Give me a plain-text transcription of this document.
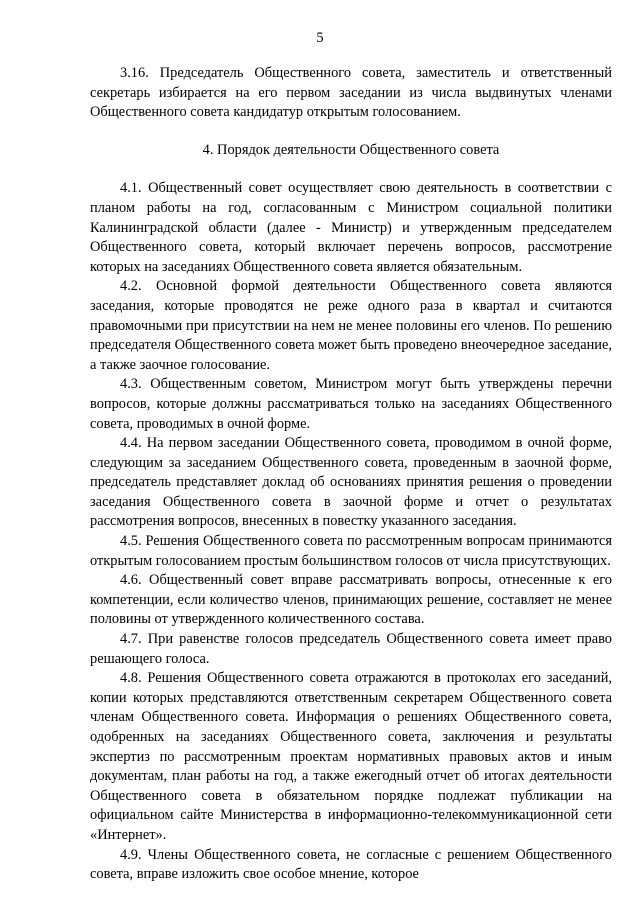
5

3.16. Председатель Общественного совета, заместитель и ответственный секретарь избирается на его первом заседании из числа выдвинутых членами Общественного совета кандидатур открытым голосованием.

4. Порядок деятельности Общественного совета

4.1. Общественный совет осуществляет свою деятельность в соответствии с планом работы на год, согласованным с Министром социальной политики Калининградской области (далее - Министр) и утвержденным председателем Общественного совета, который включает перечень вопросов, рассмотрение которых на заседаниях Общественного совета является обязательным.

4.2. Основной формой деятельности Общественного совета являются заседания, которые проводятся не реже одного раза в квартал и считаются правомочными при присутствии на нем не менее половины его членов. По решению председателя Общественного совета может быть проведено внеочередное заседание, а также заочное голосование.

4.3. Общественным советом, Министром могут быть утверждены перечни вопросов, которые должны рассматриваться только на заседаниях Общественного совета, проводимых в очной форме.

4.4. На первом заседании Общественного совета, проводимом в очной форме, следующим за заседанием Общественного совета, проведенным в заочной форме, председатель представляет доклад об основаниях принятия решения о проведении заседания Общественного совета в заочной форме и отчет о результатах рассмотрения вопросов, внесенных в повестку указанного заседания.

4.5. Решения Общественного совета по рассмотренным вопросам принимаются открытым голосованием простым большинством голосов от числа присутствующих.

4.6. Общественный совет вправе рассматривать вопросы, отнесенные к его компетенции, если количество членов, принимающих решение, составляет не менее половины от утвержденного количественного состава.

4.7. При равенстве голосов председатель Общественного совета имеет право решающего голоса.

4.8. Решения Общественного совета отражаются в протоколах его заседаний, копии которых представляются ответственным секретарем Общественного совета членам Общественного совета. Информация о решениях Общественного совета, одобренных на заседаниях Общественного совета, заключения и результаты экспертиз по рассмотренным проектам нормативных правовых актов и иным документам, план работы на год, а также ежегодный отчет об итогах деятельности Общественного совета в обязательном порядке подлежат публикации на официальном сайте Министерства в информационно-телекоммуникационной сети «Интернет».

4.9. Члены Общественного совета, не согласные с решением Общественного совета, вправе изложить свое особое мнение, которое
